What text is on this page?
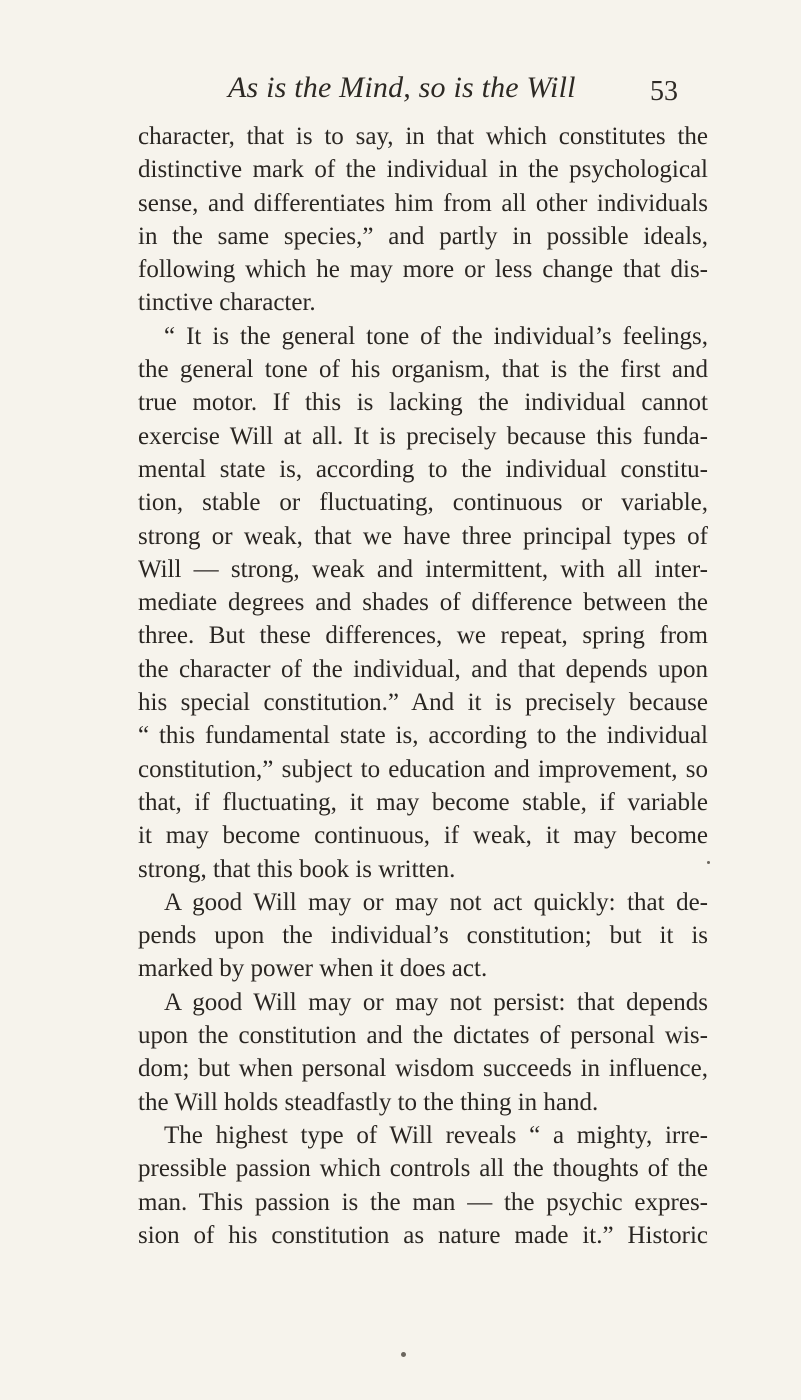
As is the Mind, so is the Will	53
character, that is to say, in that which constitutes the
distinctive mark of the individual in the psychological
sense, and differentiates him from all other individuals
in the same species,” and partly in possible ideals,
following which he may more or less change that dis-
tinctive character.
“ It is the general tone of the individual’s feelings,
the general tone of his organism, that is the first and
true motor. If this is lacking the individual cannot
exercise Will at all. It is precisely because this funda-
mental state is, according to the individual constitu-
tion, stable or fluctuating, continuous or variable,
strong or weak, that we have three principal types of
Will — strong, weak and intermittent, with all inter-
mediate degrees and shades of difference between the
three. But these differences, we repeat, spring from
the character of the individual, and that depends upon
his special constitution.” And it is precisely because
“ this fundamental state is, according to the individual
constitution,” subject to education and improvement, so
that, if fluctuating, it may become stable, if variable
it may become continuous, if weak, it may become
strong, that this book is written.
A good Will may or may not act quickly: that de-
pends upon the individual’s constitution; but it is
marked by power when it does act.
A good Will may or may not persist: that depends
upon the constitution and the dictates of personal wis-
dom; but when personal wisdom succeeds in influence,
the Will holds steadfastly to the thing in hand.
The highest type of Will reveals “ a mighty, irre-
pressible passion which controls all the thoughts of the
man. This passion is the man — the psychic expres-
sion of his constitution as nature made it.” Historic
